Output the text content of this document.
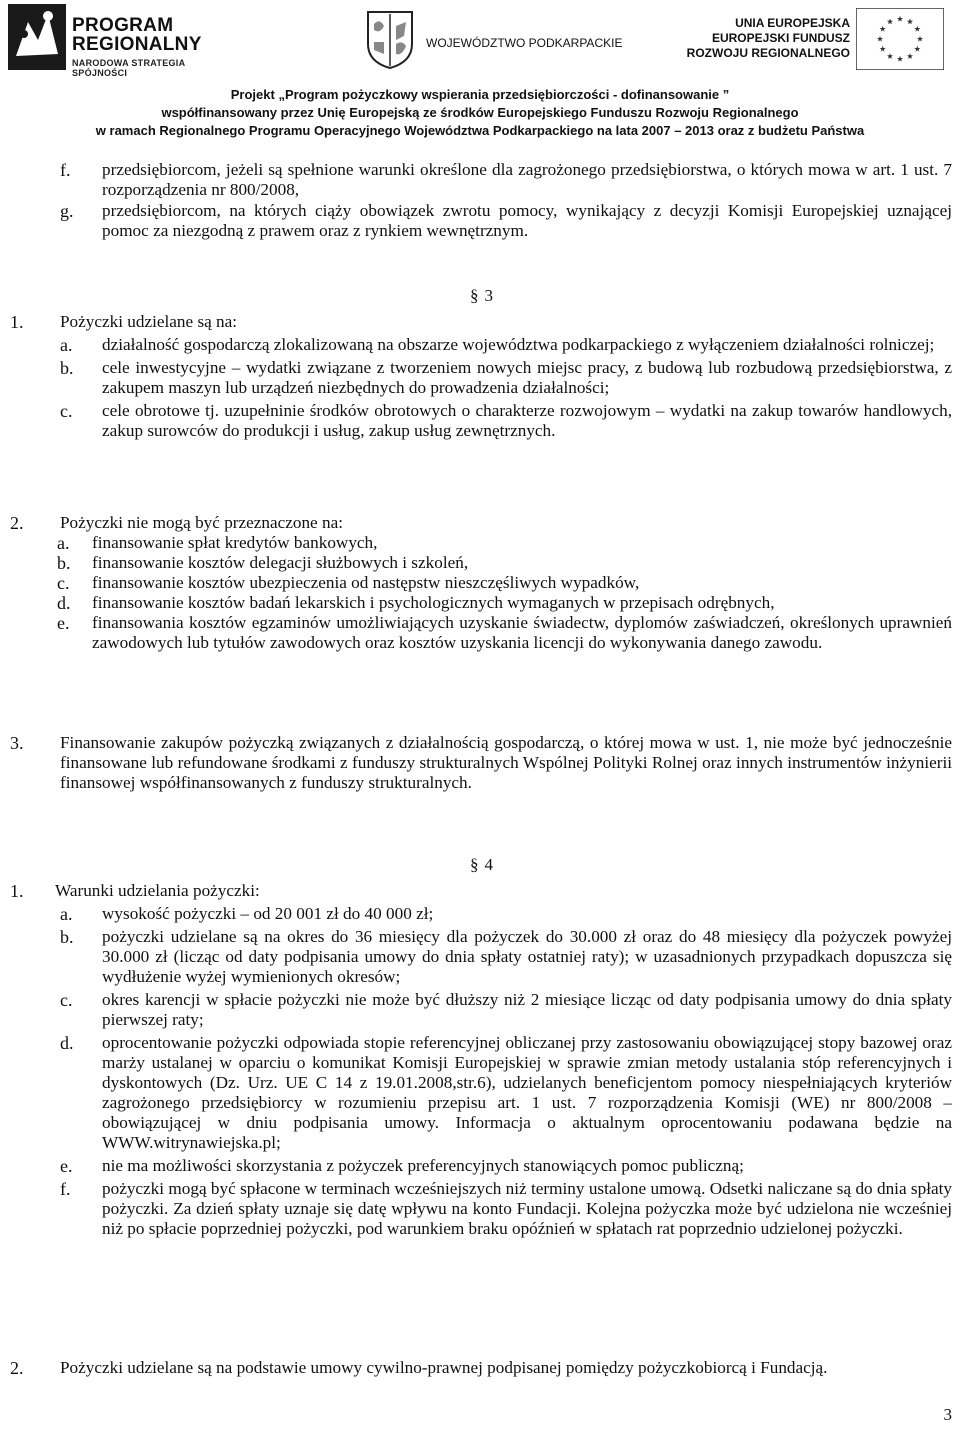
PROGRAM
REGIONALNY
NARODOWA STRATEGIA SPÓJNOŚCI
WOJEWÓDZTWO PODKARPACKIE
UNIA EUROPEJSKA
EUROPEJSKI FUNDUSZ
ROZWOJU REGIONALNEGO
Projekt „Program pożyczkowy wspierania przedsiębiorczości - dofinansowanie ”
współfinansowany przez Unię Europejską ze środków Europejskiego Funduszu Rozwoju Regionalnego
w ramach Regionalnego Programu Operacyjnego Województwa Podkarpackiego na lata 2007 – 2013 oraz z budżetu Państwa
f. przedsiębiorcom, jeżeli są spełnione warunki określone dla zagrożonego przedsiębiorstwa, o których mowa w art. 1 ust. 7 rozporządzenia nr 800/2008,
g. przedsiębiorcom, na których ciąży obowiązek zwrotu pomocy, wynikający z decyzji Komisji Europejskiej uznającej pomoc za niezgodną z prawem oraz z rynkiem wewnętrznym.
§ 3
1. Pożyczki udzielane są na:
a. działalność gospodarczą zlokalizowaną na obszarze województwa podkarpackiego z wyłączeniem działalności rolniczej;
b. cele inwestycyjne – wydatki związane z tworzeniem nowych miejsc pracy, z budową lub rozbudową przedsiębiorstwa, z zakupem maszyn lub urządzeń niezbędnych do prowadzenia działalności;
c. cele obrotowe tj. uzupełninie środków obrotowych o charakterze rozwojowym – wydatki na zakup towarów handlowych, zakup surowców do produkcji i usług, zakup usług zewnętrznych.
2. Pożyczki nie mogą być przeznaczone na:
a. finansowanie spłat kredytów bankowych,
b. finansowanie kosztów delegacji służbowych i szkoleń,
c. finansowanie kosztów ubezpieczenia od następstw nieszczęśliwych wypadków,
d. finansowanie kosztów badań lekarskich i psychologicznych wymaganych w przepisach odrębnych,
e. finansowania kosztów egzaminów umożliwiających uzyskanie świadectw, dyplomów zaświadczeń, określonych uprawnień zawodowych lub tytułów zawodowych oraz kosztów uzyskania licencji do wykonywania danego zawodu.
3. Finansowanie zakupów pożyczką związanych z działalnością gospodarczą, o której mowa w ust. 1, nie może być jednocześnie finansowane lub refundowane środkami z funduszy strukturalnych Wspólnej Polityki Rolnej oraz innych instrumentów inżynierii finansowej współfinansowanych z funduszy strukturalnych.
§ 4
1. Warunki udzielania pożyczki:
a. wysokość pożyczki – od 20 001 zł do 40 000 zł;
b. pożyczki udzielane są na okres do 36 miesięcy dla pożyczek do 30.000 zł oraz do 48 miesięcy dla pożyczek powyżej 30.000 zł (licząc od daty podpisania umowy do dnia spłaty ostatniej raty); w uzasadnionych przypadkach dopuszcza się wydłużenie wyżej wymienionych okresów;
c. okres karencji w spłacie pożyczki nie może być dłuższy niż 2 miesiące licząc od daty podpisania umowy do dnia spłaty pierwszej raty;
d. oprocentowanie pożyczki odpowiada stopie referencyjnej obliczanej przy zastosowaniu obowiązującej stopy bazowej oraz marży ustalanej w oparciu o komunikat Komisji Europejskiej w sprawie zmian metody ustalania stóp referencyjnych i dyskontowych (Dz. Urz. UE C 14 z 19.01.2008,str.6), udzielanych beneficjentom pomocy niespełniających kryteriów zagrożonego przedsiębiorcy w rozumieniu przepisu art. 1 ust. 7 rozporządzenia Komisji (WE) nr 800/2008 – obowiązującej w dniu podpisania umowy. Informacja o aktualnym oprocentowaniu podawana będzie na WWW.witrynawiejska.pl;
e. nie ma możliwości skorzystania z pożyczek preferencyjnych stanowiących pomoc publiczną;
f. pożyczki mogą być spłacone w terminach wcześniejszych niż terminy ustalone umową. Odsetki naliczane są do dnia spłaty pożyczki. Za dzień spłaty uznaje się datę wpływu na konto Fundacji. Kolejna pożyczka może być udzielona nie wcześniej niż po spłacie poprzedniej pożyczki, pod warunkiem braku opóźnień w spłatach rat poprzednio udzielonej pożyczki.
2. Pożyczki udzielane są na podstawie umowy cywilno-prawnej podpisanej pomiędzy pożyczkobiorcą i Fundacją.
3
